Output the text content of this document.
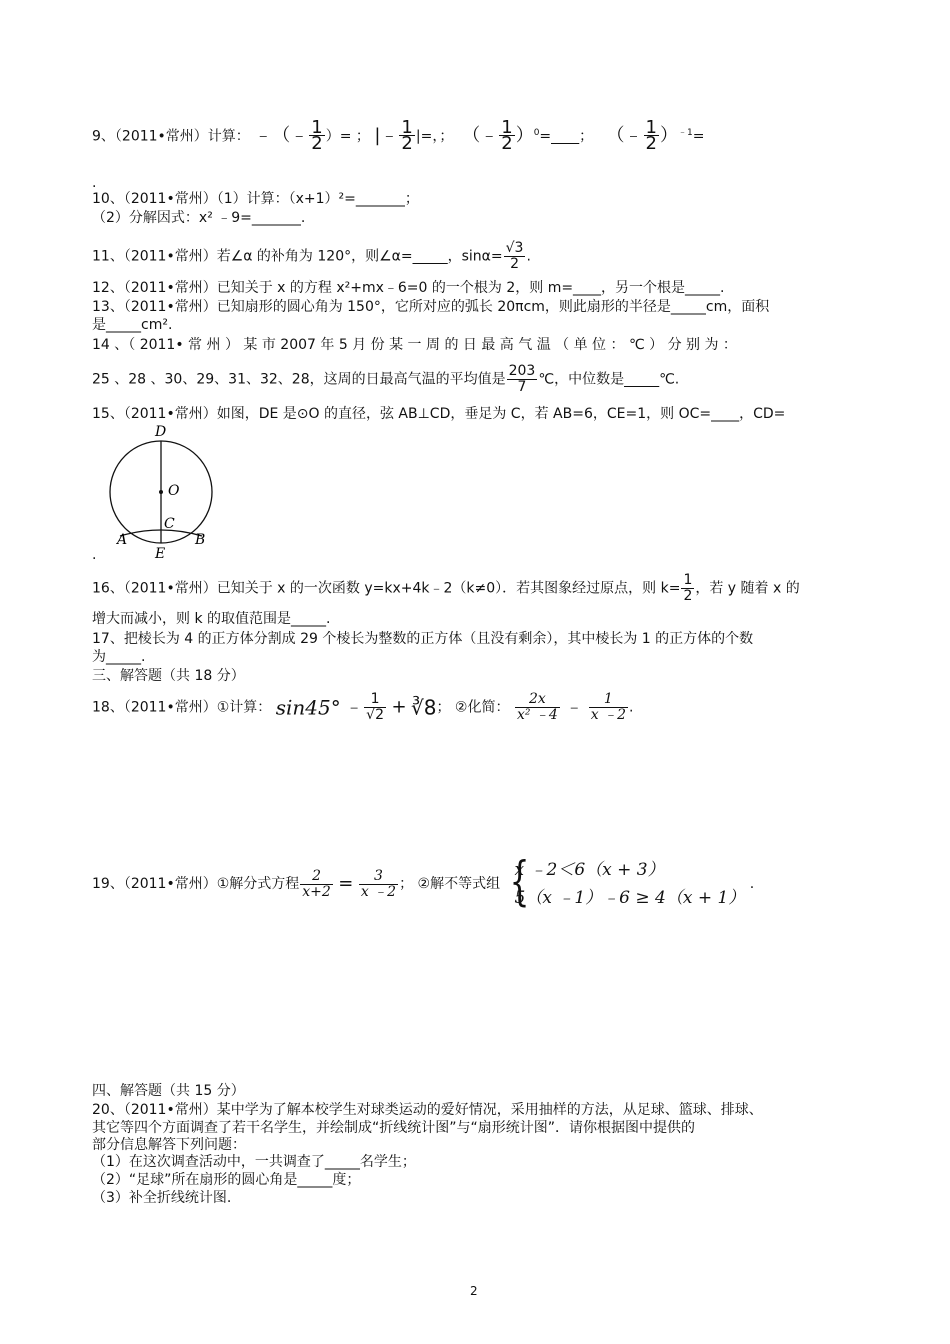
9、（2011•常州）计算： ﹣（﹣ $\frac{1}{2}$ ）= ； |﹣ $\frac{1}{2}$ |=，； （﹣ $\frac{1}{2}$ ）$^0$=____； （﹣ $\frac{1}{2} )^{﹣1}=$
.
10、（2011•常州）（1）计算：（x+1）²=_______；
（2）分解因式：x² ﹣9=_______.
11、（2011•常州）若∠α 的补角为 120°，则∠α=_____，$\sin\alpha= \frac{√3}{2}$ .
12、（2011•常州）已知关于 x 的方程 x²+mx﹣6=0 的一个根为 2，则 m=____，另一个根是_____.
13、（2011•常州）已知扇形的圆心角为 150°，它所对应的弧长 20πcm，则此扇形的半径是_____cm，面积
是_____cm².
14 、（ 2011• 常 州 ） 某 市 2007 年 5 月 份 某 一 周 的 日 最 高 气 温 （ 单 位 ： ℃ ） 分 别 为 ：
25 、28 、30、29、31、32、28，这周的日最高气温的平均值是 $\frac{203}{7}$ ℃，中位数是_____℃.
15、（2011•常州）如图，DE 是⊙O 的直径，弦 AB⊥CD，垂足为 C，若 AB=6，CE=1，则 OC=____，CD=
D
O
C
A	B
E
.
16、（2011•常州）已知关于 x 的一次函数 y=kx+4k﹣2（k≠0）．若其图象经过原点，则 $k= \frac{1}{2}$ ，若 y 随着 x 的
增大而减小，则 k 的取值范围是_____.
17、把棱长为 4 的正方体分割成 29 个棱长为整数的正方体（且没有剩余），其中棱长为 1 的正方体的个数
为_____.
三、解答题（共 18 分）
18、（2011•常州）①计算： sin45° ﹣ $\frac{1}{√2}$ + ∛8； ②化简： $\frac{2x}{\text{x² ﹣4}}$ ﹣ $\frac{1}{x ﹣2}$ .
19、（2011•常州）①解分式方程 $\frac{2}{x+2} = \frac{3}{x ﹣2}$ ； ②解不等式组 {
x ﹣2＜6（x + 3）
5（x ﹣1）﹣6 ≥ 4（x + 1）
.
四、解答题（共 15 分）
20、（2011•常州）某中学为了解本校学生对球类运动的爱好情况，采用抽样的方法，从足球、篮球、排球、
其它等四个方面调查了若干名学生，并绘制成“折线统计图”与“扇形统计图”．请你根据图中提供的
部分信息解答下列问题：
（1）在这次调查活动中，一共调查了_____名学生；
（2）“足球”所在扇形的圆心角是_____度；
（3）补全折线统计图.
2
